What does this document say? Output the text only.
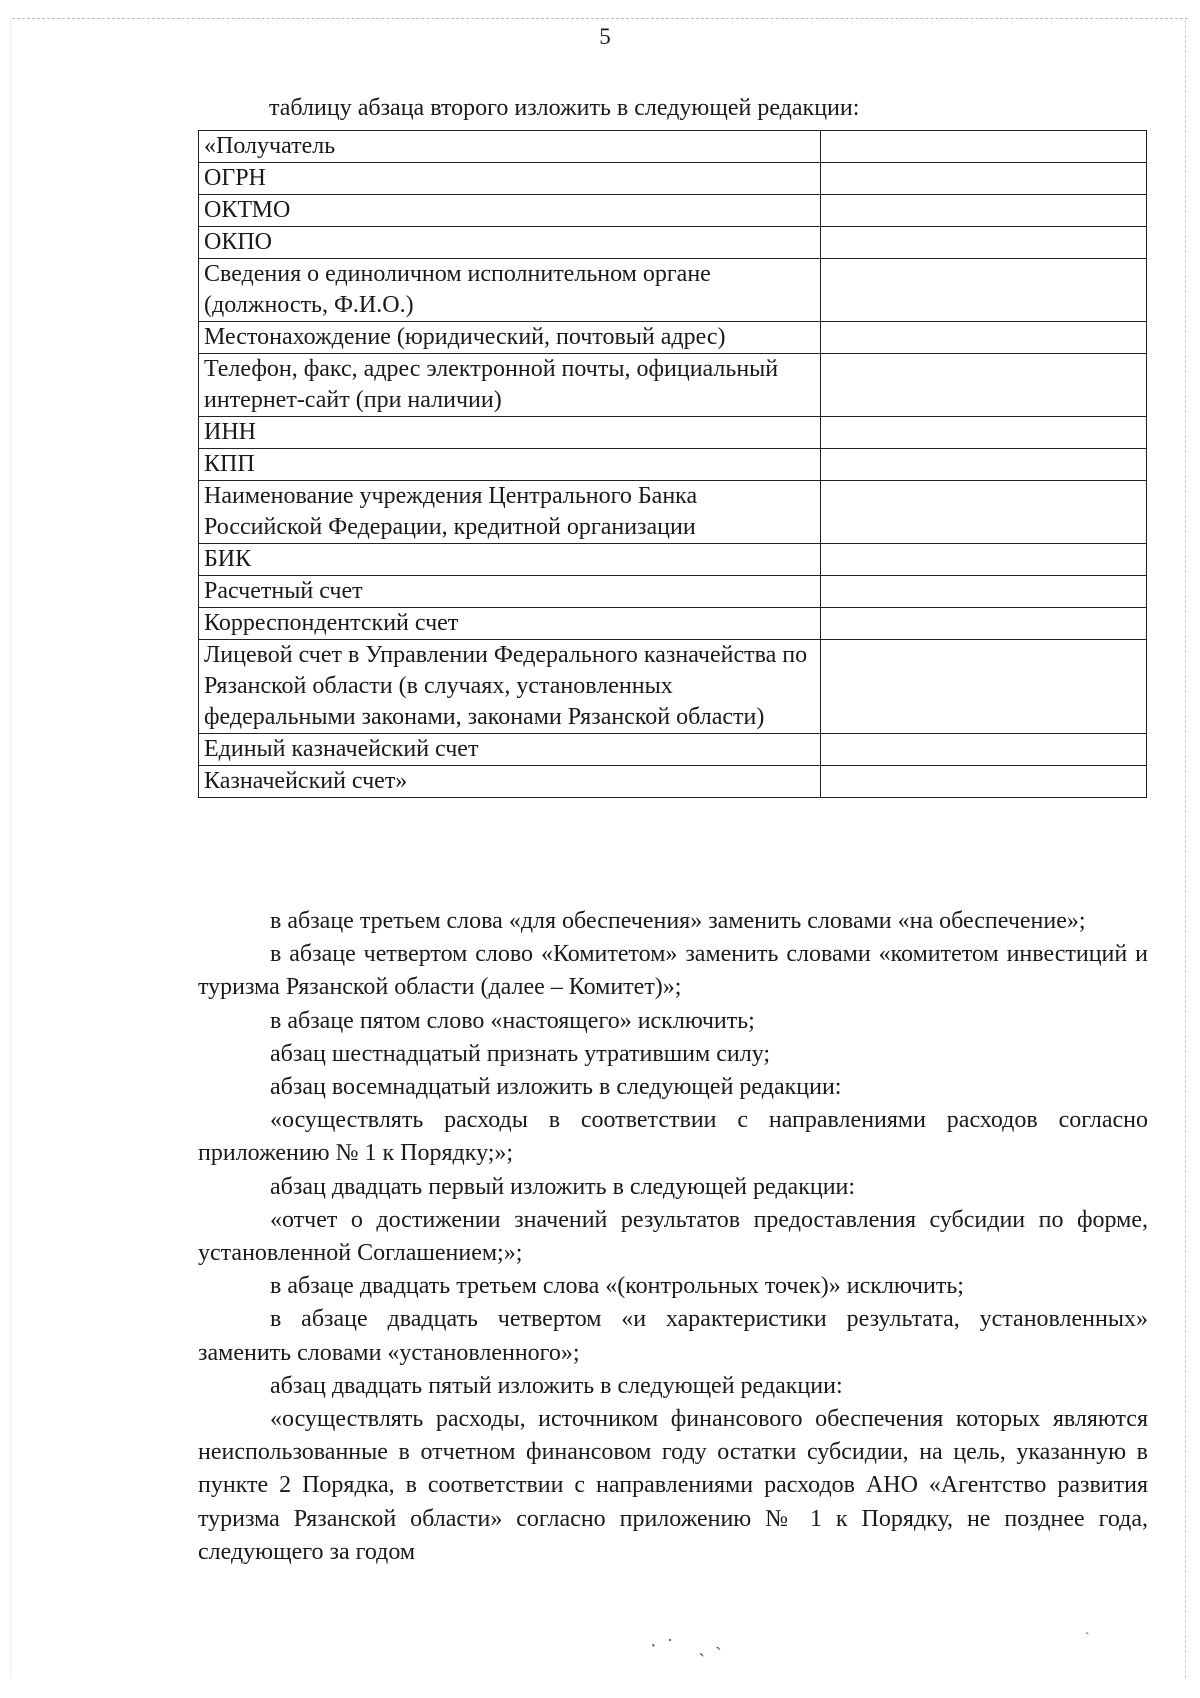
5
таблицу абзаца второго изложить в следующей редакции:
«Получатель	
ОГРН	
ОКТМО	
ОКПО	
Сведения о единоличном исполнительном органе (должность, Ф.И.О.)	
Местонахождение (юридический, почтовый адрес)	
Телефон, факс, адрес электронной почты, официальный интернет-сайт (при наличии)	
ИНН	
КПП	
Наименование учреждения Центрального Банка Российской Федерации, кредитной организации	
БИК	
Расчетный счет	
Корреспондентский счет	
Лицевой счет в Управлении Федерального казначейства по Рязанской области (в случаях, установленных федеральными законами, законами Рязанской области)	
Единый казначейский счет	
Казначейский счет»	

в абзаце третьем слова «для обеспечения» заменить словами «на обеспечение»;

в абзаце четвертом слово «Комитетом» заменить словами «комитетом инвестиций и туризма Рязанской области (далее – Комитет)»;

в абзаце пятом слово «настоящего» исключить;

абзац шестнадцатый признать утратившим силу;

абзац восемнадцатый изложить в следующей редакции:

«осуществлять расходы в соответствии с направлениями расходов согласно приложению № 1 к Порядку;»;

абзац двадцать первый изложить в следующей редакции:

«отчет о достижении значений результатов предоставления субсидии по форме, установленной Соглашением;»;

в абзаце двадцать третьем слова «(контрольных точек)» исключить;

в абзаце двадцать четвертом «и характеристики результата, установленных» заменить словами «установленного»;

абзац двадцать пятый изложить в следующей редакции:

«осуществлять расходы, источником финансового обеспечения которых являются неиспользованные в отчетном финансовом году остатки субсидии, на цель, указанную в пункте 2 Порядка, в соответствии с направлениями расходов АНО «Агентство развития туризма Рязанской области» согласно приложению № 1 к Порядку, не позднее года, следующего за годом

·˙ ˎ˴
˴
